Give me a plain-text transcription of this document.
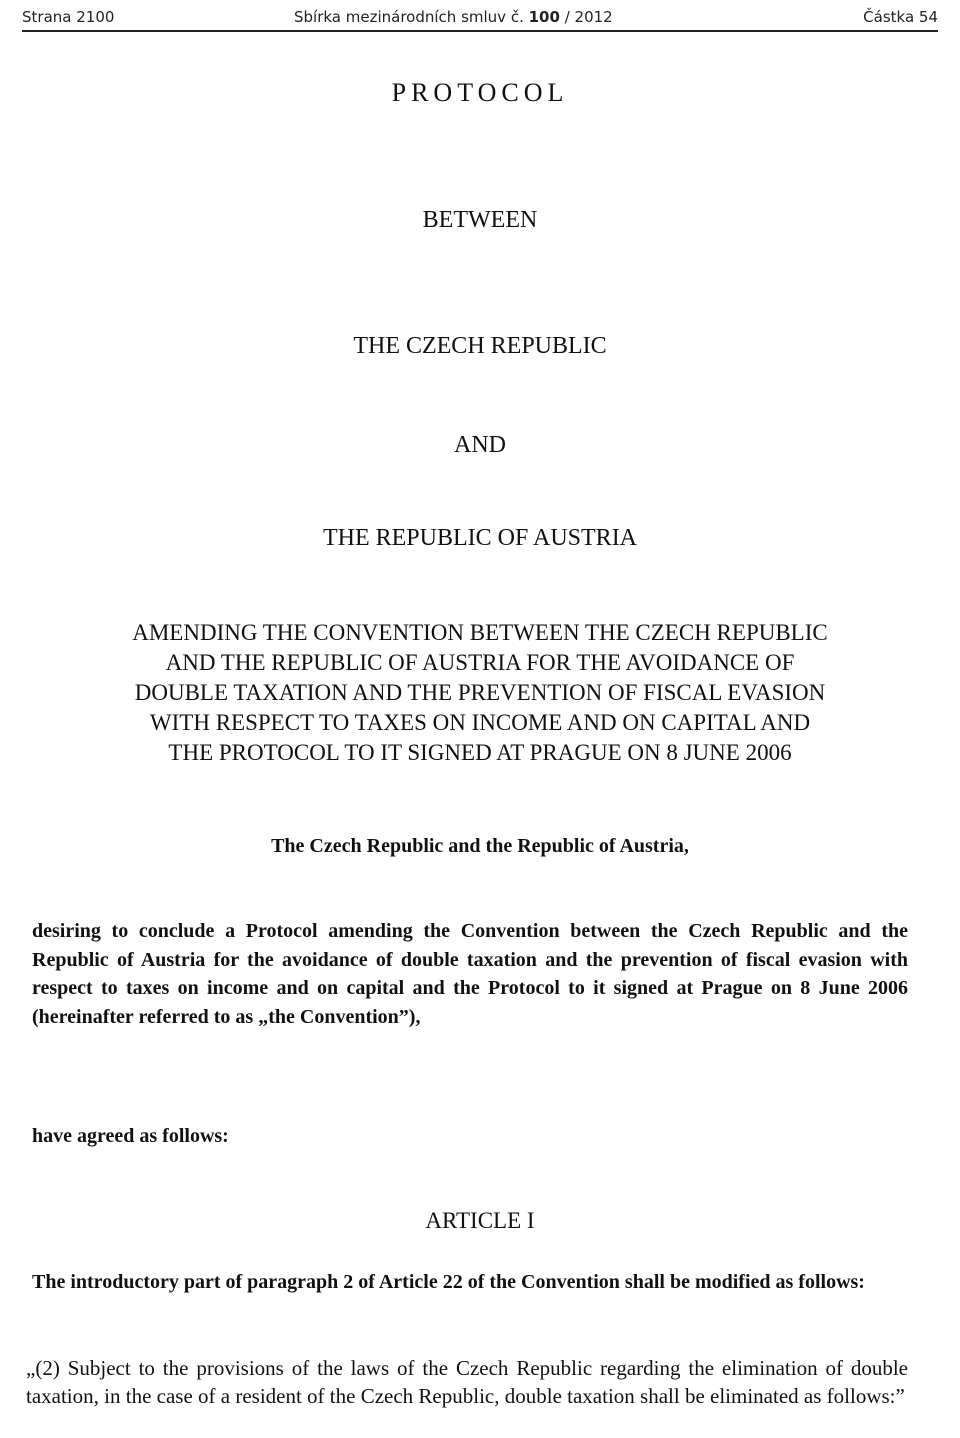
Strana 2100	Sbírka mezinárodních smluv č. 100 / 2012	Částka 54
PROTOCOL
BETWEEN
THE CZECH REPUBLIC
AND
THE REPUBLIC OF AUSTRIA
AMENDING THE CONVENTION BETWEEN THE CZECH REPUBLIC
AND THE REPUBLIC OF AUSTRIA FOR THE AVOIDANCE OF
DOUBLE TAXATION AND THE PREVENTION OF FISCAL EVASION
WITH RESPECT TO TAXES ON INCOME AND ON CAPITAL AND
THE PROTOCOL TO IT SIGNED AT PRAGUE ON 8 JUNE 2006
The Czech Republic and the Republic of Austria,
desiring to conclude a Protocol amending the Convention between the Czech Republic and the Republic of Austria for the avoidance of double taxation and the prevention of fiscal evasion with respect to taxes on income and on capital and the Protocol to it signed at Prague on 8 June 2006 (hereinafter referred to as „the Convention”),
have agreed as follows:
ARTICLE I
The introductory part of paragraph 2 of Article 22 of the Convention shall be modified as follows:
„(2) Subject to the provisions of the laws of the Czech Republic regarding the elimination of double taxation, in the case of a resident of the Czech Republic, double taxation shall be eliminated as follows:”
